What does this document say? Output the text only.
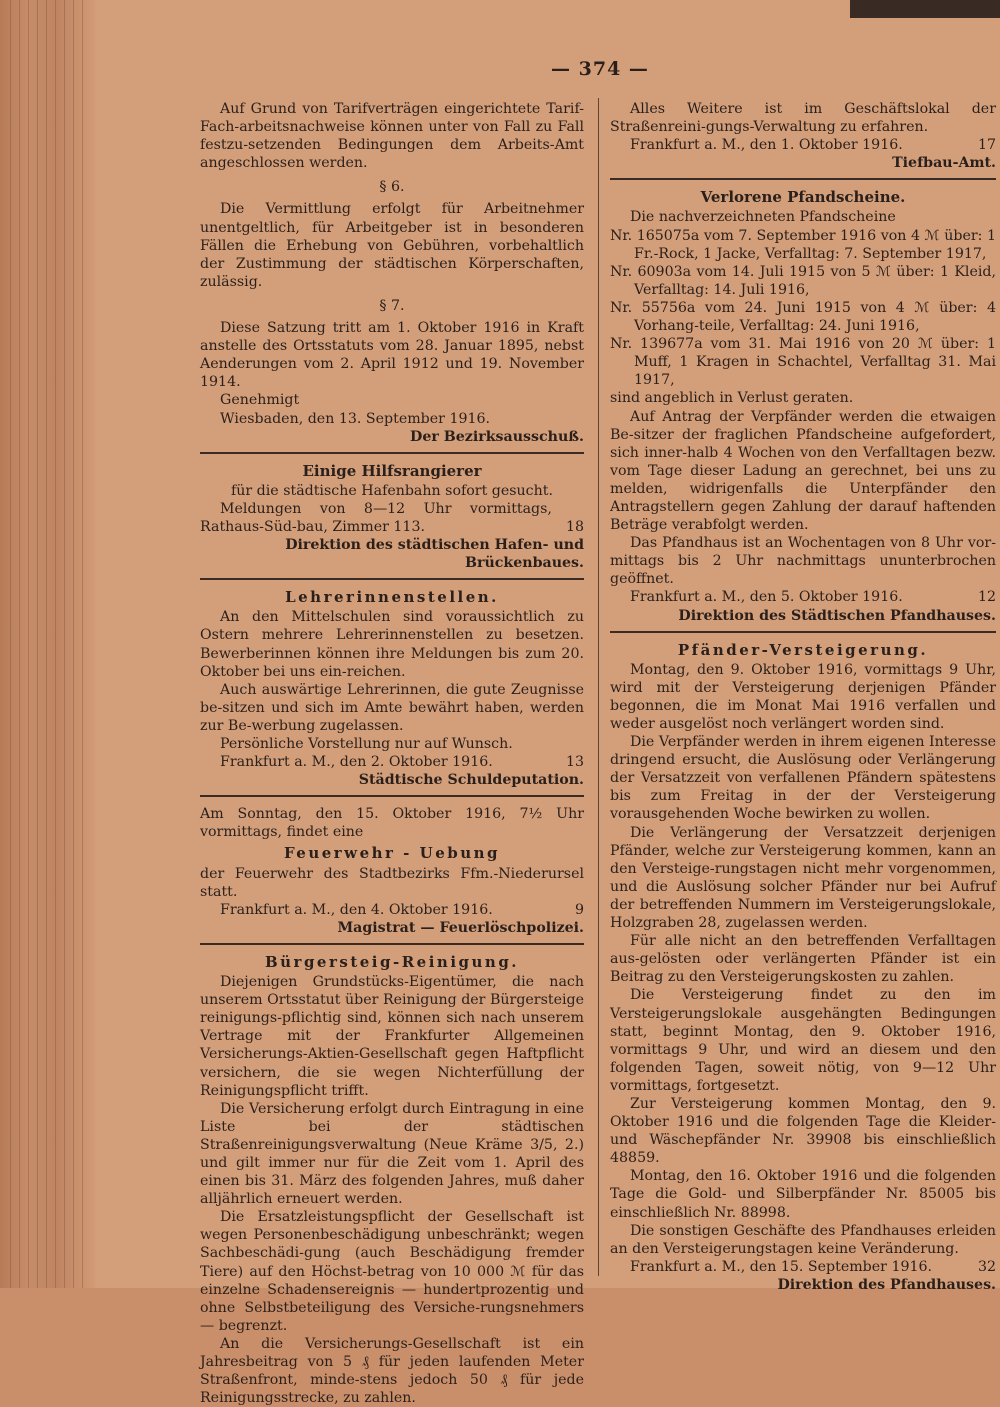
— 374 —

Auf Grund von Tarifverträgen eingerichtete Tarif-Fach-arbeitsnachweise können unter von Fall zu Fall festzu-setzenden Bedingungen dem Arbeits-Amt angeschlossen werden.

§ 6.

Die Vermittlung erfolgt für Arbeitnehmer unentgeltlich, für Arbeitgeber ist in besonderen Fällen die Erhebung von Gebühren, vorbehaltlich der Zustimmung der städtischen Körperschaften, zulässig.

§ 7.

Diese Satzung tritt am 1. Oktober 1916 in Kraft anstelle des Ortsstatuts vom 28. Januar 1895, nebst Aenderungen vom 2. April 1912 und 19. November 1914.

Genehmigt

Wiesbaden, den 13. September 1916.

Der Bezirksausschuß.

Einige Hilfsrangierer

für die städtische Hafenbahn sofort gesucht.

Meldungen von 8—12 Uhr vormittags, Rathaus-Süd-bau, Zimmer 113.	18

Direktion des städtischen Hafen- und Brückenbaues.

Lehrerinnenstellen.

An den Mittelschulen sind voraussichtlich zu Ostern mehrere Lehrerinnenstellen zu besetzen. Bewerberinnen können ihre Meldungen bis zum 20. Oktober bei uns ein-reichen.

Auch auswärtige Lehrerinnen, die gute Zeugnisse be-sitzen und sich im Amte bewährt haben, werden zur Be-werbung zugelassen.

Persönliche Vorstellung nur auf Wunsch.

Frankfurt a. M., den 2. Oktober 1916.	13

Städtische Schuldeputation.

Am Sonntag, den 15. Oktober 1916, 7½ Uhr vormittags, findet eine

Feuerwehr - Uebung

der Feuerwehr des Stadtbezirks Ffm.-Niederursel statt.

Frankfurt a. M., den 4. Oktober 1916.	9

Magistrat — Feuerlöschpolizei.

Bürgersteig-Reinigung.

Diejenigen Grundstücks-Eigentümer, die nach unserem Ortsstatut über Reinigung der Bürgersteige reinigungs-pflichtig sind, können sich nach unserem Vertrage mit der Frankfurter Allgemeinen Versicherungs-Aktien-Gesellschaft gegen Haftpflicht versichern, die sie wegen Nichterfüllung der Reinigungspflicht trifft.

Die Versicherung erfolgt durch Eintragung in eine Liste bei der städtischen Straßenreinigungsverwaltung (Neue Kräme 3/5, 2.) und gilt immer nur für die Zeit vom 1. April des einen bis 31. März des folgenden Jahres, muß daher alljährlich erneuert werden.

Die Ersatzleistungspflicht der Gesellschaft ist wegen Personenbeschädigung unbeschränkt; wegen Sachbeschädi-gung (auch Beschädigung fremder Tiere) auf den Höchst-betrag von 10 000 ℳ für das einzelne Schadensereignis — hundertprozentig und ohne Selbstbeteiligung des Versiche-rungsnehmers — begrenzt.

An die Versicherungs-Gesellschaft ist ein Jahresbeitrag von 5 ₰ für jeden laufenden Meter Straßenfront, minde-stens jedoch 50 ₰ für jede Reinigungsstrecke, zu zahlen.

Alles Weitere ist im Geschäftslokal der Straßenreini-gungs-Verwaltung zu erfahren.

Frankfurt a. M., den 1. Oktober 1916.	17

Tiefbau-Amt.

Verlorene Pfandscheine.

Die nachverzeichneten Pfandscheine

Nr. 165075a vom 7. September 1916 von 4 ℳ über: 1 Fr.-Rock, 1 Jacke, Verfalltag: 7. September 1917,

Nr. 60903a vom 14. Juli 1915 von 5 ℳ über: 1 Kleid, Verfalltag: 14. Juli 1916,

Nr. 55756a vom 24. Juni 1915 von 4 ℳ über: 4 Vorhang-teile, Verfalltag: 24. Juni 1916,

Nr. 139677a vom 31. Mai 1916 von 20 ℳ über: 1 Muff, 1 Kragen in Schachtel, Verfalltag 31. Mai 1917,

sind angeblich in Verlust geraten.

Auf Antrag der Verpfänder werden die etwaigen Be-sitzer der fraglichen Pfandscheine aufgefordert, sich inner-halb 4 Wochen von den Verfalltagen bezw. vom Tage dieser Ladung an gerechnet, bei uns zu melden, widrigenfalls die Unterpfänder den Antragstellern gegen Zahlung der darauf haftenden Beträge verabfolgt werden.

Das Pfandhaus ist an Wochentagen von 8 Uhr vor-mittags bis 2 Uhr nachmittags ununterbrochen geöffnet.

Frankfurt a. M., den 5. Oktober 1916.	12

Direktion des Städtischen Pfandhauses.

Pfänder-Versteigerung.

Montag, den 9. Oktober 1916, vormittags 9 Uhr, wird mit der Versteigerung derjenigen Pfänder begonnen, die im Monat Mai 1916 verfallen und weder ausgelöst noch verlängert worden sind.

Die Verpfänder werden in ihrem eigenen Interesse dringend ersucht, die Auslösung oder Verlängerung der Versatzzeit von verfallenen Pfändern spätestens bis zum Freitag in der der Versteigerung vorausgehenden Woche bewirken zu wollen.

Die Verlängerung der Versatzzeit derjenigen Pfänder, welche zur Versteigerung kommen, kann an den Versteige-rungstagen nicht mehr vorgenommen, und die Auslösung solcher Pfänder nur bei Aufruf der betreffenden Nummern im Versteigerungslokale, Holzgraben 28, zugelassen werden.

Für alle nicht an den betreffenden Verfalltagen aus-gelösten oder verlängerten Pfänder ist ein Beitrag zu den Versteigerungskosten zu zahlen.

Die Versteigerung findet zu den im Versteigerungslokale ausgehängten Bedingungen statt, beginnt Montag, den 9. Oktober 1916, vormittags 9 Uhr, und wird an diesem und den folgenden Tagen, soweit nötig, von 9—12 Uhr vormittags, fortgesetzt.

Zur Versteigerung kommen Montag, den 9. Oktober 1916 und die folgenden Tage die Kleider- und Wäschepfänder Nr. 39908 bis einschließlich 48859.

Montag, den 16. Oktober 1916 und die folgenden Tage die Gold- und Silberpfänder Nr. 85005 bis einschließlich Nr. 88998.

Die sonstigen Geschäfte des Pfandhauses erleiden an den Versteigerungstagen keine Veränderung.

Frankfurt a. M., den 15. September 1916.	32

Direktion des Pfandhauses.
